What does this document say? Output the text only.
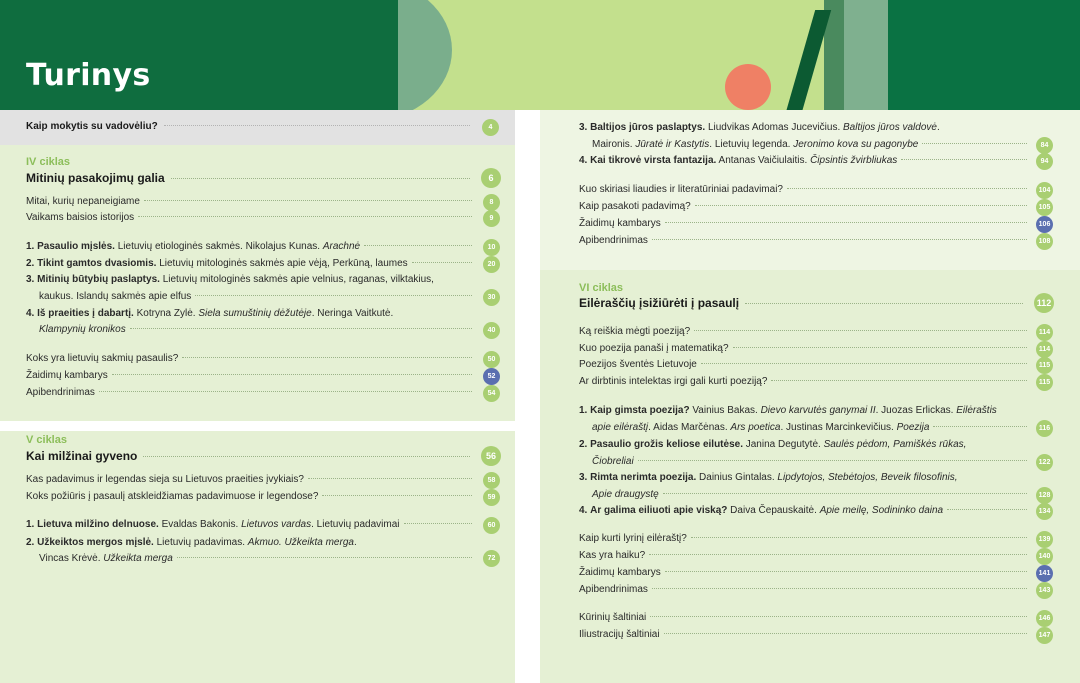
Turinys
Kaip mokytis su vadovėliu?	4
IV ciklas
Mitinių pasakojimų galia	6
Mitai, kurių nepaneigiame	8
Vaikams baisios istorijos	9
1. Pasaulio mįslės. Lietuvių etiologinės sakmės. Nikolajus Kunas. Arachnė	10
2. Tikint gamtos dvasiomis. Lietuvių mitologinės sakmės apie vėją, Perkūną, laumes	20
3. Mitinių būtybių paslaptys. Lietuvių mitologinės sakmės apie velnius, raganas, vilktakius,
kaukus. Islandų sakmės apie elfus	30
4. Iš praeities į dabartį. Kotryna Zylė. Siela sumuštinių dėžutėje. Neringa Vaitkutė.
Klampynių kronikos	40
Koks yra lietuvių sakmių pasaulis?	50
Žaidimų kambarys	52
Apibendrinimas	54
V ciklas
Kai milžinai gyveno	56
Kas padavimus ir legendas sieja su Lietuvos praeities įvykiais?	58
Koks požiūris į pasaulį atskleidžiamas padavimuose ir legendose?	59
1. Lietuva milžino delnuose. Evaldas Bakonis. Lietuvos vardas. Lietuvių padavimai	60
2. Užkeiktos mergos mįslė. Lietuvių padavimas. Akmuo. Užkeikta merga.
Vincas Krėvė. Užkeikta merga	72
3. Baltijos jūros paslaptys. Liudvikas Adomas Jucevičius. Baltijos jūros valdovė.
Maironis. Jūratė ir Kastytis. Lietuvių legenda. Jeronimo kova su pagonybe	84
4. Kai tikrovė virsta fantazija. Antanas Vaičiulaitis. Čipsintis žvirbliukas	94
Kuo skiriasi liaudies ir literatūriniai padavimai?	104
Kaip pasakoti padavimą?	105
Žaidimų kambarys	106
Apibendrinimas	108
VI ciklas
Eilėraščių įsižiūrėti į pasaulį	112
Ką reiškia mėgti poeziją?	114
Kuo poezija panaši į matematiką?	114
Poezijos šventės Lietuvoje	115
Ar dirbtinis intelektas irgi gali kurti poeziją?	115
1. Kaip gimsta poezija? Vainius Bakas. Dievo karvutės ganymai II. Juozas Erlickas. Eilėraštis
apie eilėraštį. Aidas Marčėnas. Ars poetica. Justinas Marcinkevičius. Poezija	116
2. Pasaulio grožis keliose eilutėse. Janina Degutytė. Saulės pėdom, Pamiškės rūkas,
Čiobreliai	122
3. Rimta nerimta poezija. Dainius Gintalas. Lipdytojos, Stebėtojos, Beveik filosofinis,
Apie draugystę	128
4. Ar galima eiliuoti apie viską? Daiva Čepauskaitė. Apie meilę, Sodininko daina	134
Kaip kurti lyrinį eilėraštį?	139
Kas yra haiku?	140
Žaidimų kambarys	141
Apibendrinimas	143
Kūrinių šaltiniai	146
Iliustracijų šaltiniai	147
